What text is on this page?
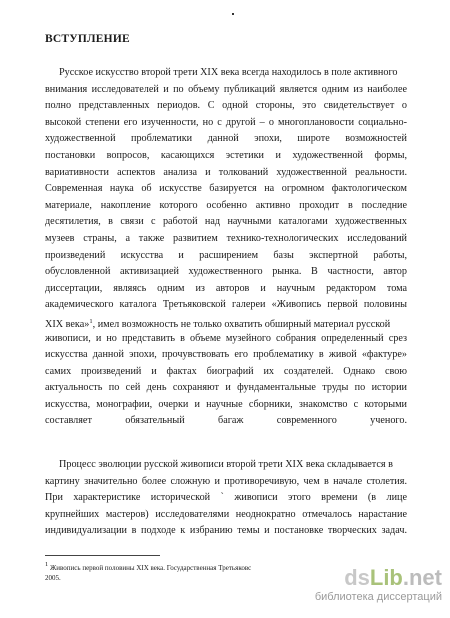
ВСТУПЛЕНИЕ
Русское искусство второй трети XIX века всегда находилось в поле активного
внимания исследователей и по объему публикаций является одним из наиболее
полно представленных периодов. С одной стороны, это свидетельствует о
высокой степени его изученности, но с другой – о многоплановости социально-
художественной проблематики данной эпохи, широте возможностей
постановки вопросов, касающихся эстетики и художественной формы,
вариативности аспектов анализа и толкований художественной реальности.
Современная наука об искусстве базируется на огромном фактологическом
материале, накопление которого особенно активно проходит в последние
десятилетия, в связи с работой над научными каталогами художественных
музеев страны, а также развитием технико-технологических исследований
произведений искусства и расширением базы экспертной работы,
обусловленной активизацией художественного рынка. В частности, автор
диссертации, являясь одним из авторов и научным редактором тома
академического каталога Третьяковской галереи «Живопись первой половины
XIX века»$^1$, имел возможность не только охватить обширный материал русской
живописи, и но представить в объеме музейного собрания определенный срез
искусства данной эпохи, прочувствовать его проблематику в живой «фактуре»
самих произведений и фактах биографий их создателей. Однако свою
актуальность по сей день сохраняют и фундаментальные труды по истории
искусства, монографии, очерки и научные сборники, знакомство с которыми
составляет обязательный багаж современного ученого.
Процесс эволюции русской живописи второй трети XIX века складывается в
картину значительно более сложную и противоречивую, чем в начале столетия.
При характеристике исторической ` живописи этого времени (в лице
крупнейших мастеров) исследователями неоднократно отмечалось нарастание
индивидуализации в подходе к избранию темы и постановке творческих задач.
1 Живопись первой половины XIX века. Государственная Третьяковс
2005.	dsLib.net
библиотека диссертаций
